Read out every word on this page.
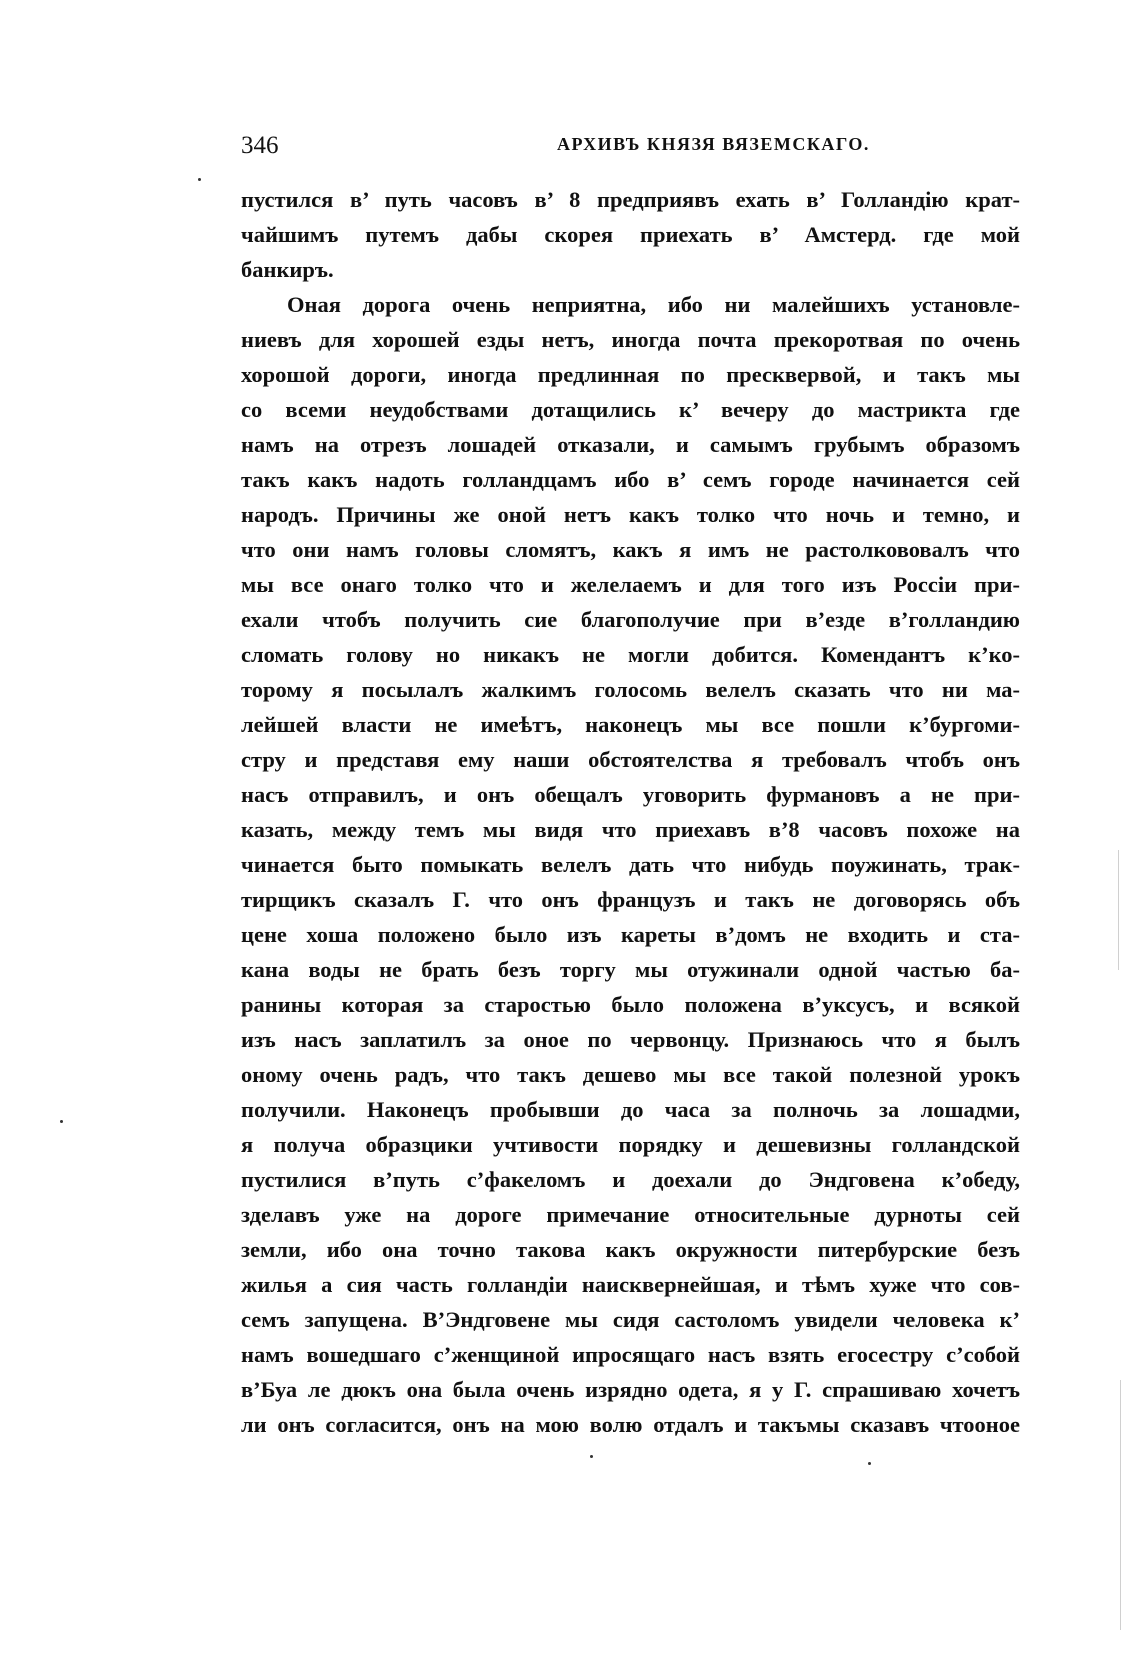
346	АРХИВЪ КНЯЗЯ ВЯЗЕМСКАГО.
пустился в’ путь часовъ в’ 8 предприявъ ехать в’ Голландію крат-
чайшимъ путемъ дабы скорея приехать в’ Амстерд. где мой
банкиръ.
Оная дорога очень неприятна, ибо ни малейшихъ установле-
ниевъ для хорошей езды нетъ, иногда почта прекоротвая по очень
хорошой дороги, иногда предлинная по пресквервой, и такъ мы
со всеми неудобствами дотащились к’ вечеру до мастрикта где
намъ на отрезъ лошадей отказали, и самымъ грубымъ образомъ
такъ какъ надоть голландцамъ ибо в’ семъ городе начинается сей
народъ. Причины же оной нетъ какъ толко что ночь и темно, и
что они намъ головы сломятъ, какъ я имъ не растолкововалъ что
мы все онаго толко что и желелаемъ и для того изъ Россіи при-
ехали чтобъ получить сие благополучие при в’езде в’голландию
сломать голову но никакъ не могли добится. Комендантъ к’ко-
торому я посылалъ жалкимъ голосомь велелъ сказать что ни ма-
лейшей власти не имеѣтъ, наконецъ мы все пошли к’бургоми-
стру и представя ему наши обстоятелства я требовалъ чтобъ онъ
насъ отправилъ, и онъ обещалъ уговорить фурмановъ а не при-
казать, между темъ мы видя что приехавъ в’8 часовъ похоже на
чинается быто помыкать велелъ дать что нибудь поужинать, трак-
тирщикъ сказалъ Г. что онъ французъ и такъ не договорясь объ
цене хоша положено было изъ кареты в’домъ не входить и ста-
кана воды не брать безъ торгу мы отужинали одной частью ба-
ранины которая за старостью было положена в’уксусъ, и всякой
изъ насъ заплатилъ за оное по червонцу. Признаюсь что я былъ
оному очень радъ, что такъ дешево мы все такой полезной урокъ
получили. Наконецъ пробывши до часа за полночь за лошадми,
я получа образцики учтивости порядку и дешевизны голландской
пустилися в’путь с’факеломъ и доехали до Эндговена к’обеду,
зделавъ уже на дороге примечание относительные дурноты сей
земли, ибо она точно такова какъ окружности питербурские безъ
жилья а сия часть голландіи наисквернейшая, и тѣмъ хуже что сов-
семъ запущена. В’Эндговене мы сидя састоломъ увидели человека к’
намъ вошедшаго с’женщиной ипросящаго насъ взять егосестру с’собой
в’Буа ле дюкъ она была очень изрядно одета, я у Г. спрашиваю хочетъ
ли онъ согласится, онъ на мою волю отдалъ и такъмы сказавъ чтооное
